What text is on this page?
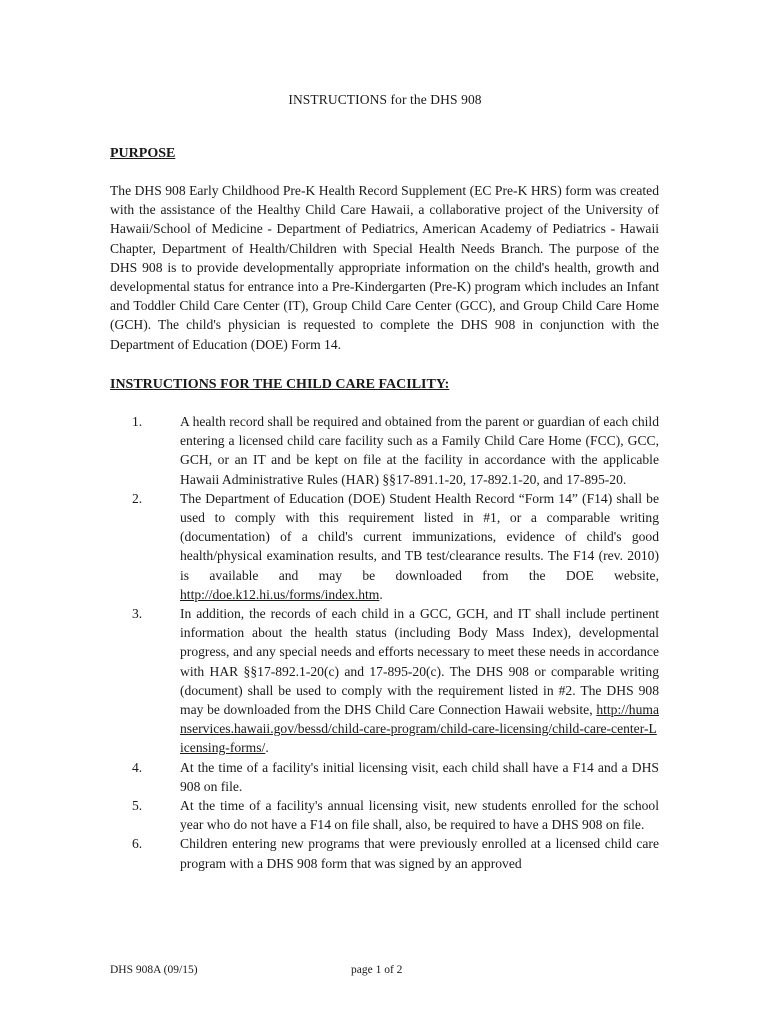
INSTRUCTIONS for the DHS 908
PURPOSE
The DHS 908 Early Childhood Pre-K Health Record Supplement (EC Pre-K HRS) form was created with the assistance of the Healthy Child Care Hawaii, a collaborative project of the University of Hawaii/School of Medicine - Department of Pediatrics, American Academy of Pediatrics - Hawaii Chapter, Department of Health/Children with Special Health Needs Branch. The purpose of the DHS 908 is to provide developmentally appropriate information on the child's health, growth and developmental status for entrance into a Pre-Kindergarten (Pre-K) program which includes an Infant and Toddler Child Care Center (IT), Group Child Care Center (GCC), and Group Child Care Home (GCH). The child's physician is requested to complete the DHS 908 in conjunction with the Department of Education (DOE) Form 14.
INSTRUCTIONS FOR THE CHILD CARE FACILITY:
1.	A health record shall be required and obtained from the parent or guardian of each child entering a licensed child care facility such as a Family Child Care Home (FCC), GCC, GCH, or an IT and be kept on file at the facility in accordance with the applicable Hawaii Administrative Rules (HAR) §§17-891.1-20, 17-892.1-20, and 17-895-20.
2.	The Department of Education (DOE) Student Health Record “Form 14” (F14) shall be used to comply with this requirement listed in #1, or a comparable writing (documentation) of a child's current immunizations, evidence of child's good health/physical examination results, and TB test/clearance results. The F14 (rev. 2010) is available and may be downloaded from the DOE website, http://doe.k12.hi.us/forms/index.htm.
3.	In addition, the records of each child in a GCC, GCH, and IT shall include pertinent information about the health status (including Body Mass Index), developmental progress, and any special needs and efforts necessary to meet these needs in accordance with HAR §§17-892.1-20(c) and 17-895-20(c). The DHS 908 or comparable writing (document) shall be used to comply with the requirement listed in #2. The DHS 908 may be downloaded from the DHS Child Care Connection Hawaii website, http://humanservices.hawaii.gov/bessd/child-care-program/child-care-licensing/child-care-center-Licensing-forms/.
4.	At the time of a facility's initial licensing visit, each child shall have a F14 and a DHS 908 on file.
5.	At the time of a facility's annual licensing visit, new students enrolled for the school year who do not have a F14 on file shall, also, be required to have a DHS 908 on file.
6.	Children entering new programs that were previously enrolled at a licensed child care program with a DHS 908 form that was signed by an approved
DHS 908A (09/15)	page 1 of 2
